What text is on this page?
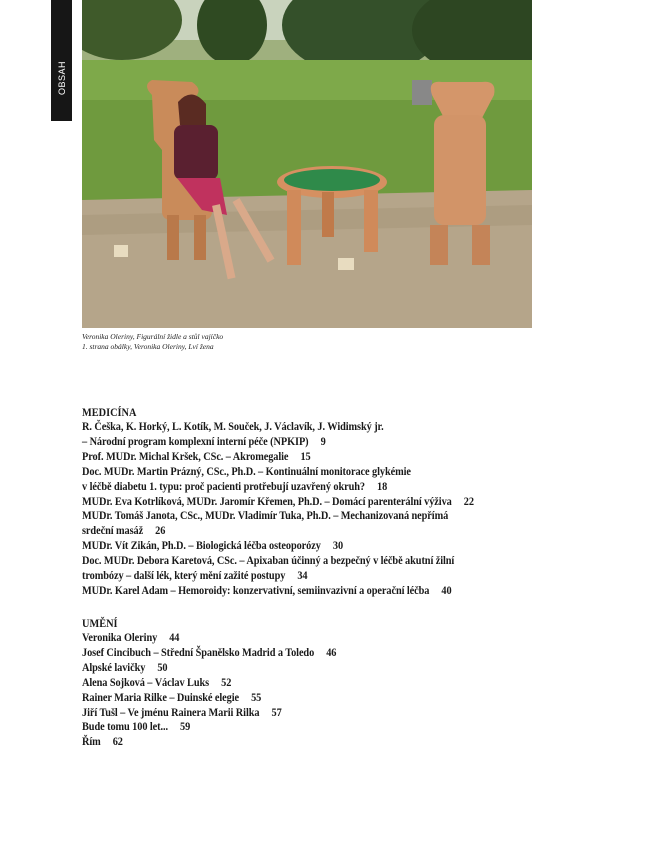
OBSAH
Veronika Oleriny, Figurální židle a stůl vajíčko
1. strana obálky, Veronika Oleriny, Lví žena
MEDICÍNA
R. Češka, K. Horký, L. Kotík, M. Souček, J. Václavík, J. Widimský jr.
– Národní program komplexní interní péče (NPKIP) 9
Prof. MUDr. Michal Kršek, CSc. – Akromegalie 15
Doc. MUDr. Martin Prázný, CSc., Ph.D. – Kontinuální monitorace glykémie
v léčbě diabetu 1. typu: proč pacienti protřebují uzavřený okruh? 18
MUDr. Eva Kotrlíková, MUDr. Jaromír Křemen, Ph.D. – Domácí parenterální výživa 22
MUDr. Tomáš Janota, CSc., MUDr. Vladimír Tuka, Ph.D. – Mechanizovaná nepřímá
srdeční masáž 26
MUDr. Vít Zikán, Ph.D. – Biologická léčba osteoporózy 30
Doc. MUDr. Debora Karetová, CSc. – Apixaban účinný a bezpečný v léčbě akutní žilní
trombózy – další lék, který mění zažité postupy 34
MUDr. Karel Adam – Hemoroidy: konzervativní, semiinvazivní a operační léčba 40
UMĚNÍ
Veronika Oleriny 44
Josef Cincibuch – Střední Španělsko Madrid a Toledo 46
Alpské lavičky 50
Alena Sojková – Václav Luks 52
Rainer Maria Rilke – Duinské elegie 55
Jiří Tušl – Ve jménu Rainera Marii Rilka 57
Bude tomu 100 let... 59
Řím 62
